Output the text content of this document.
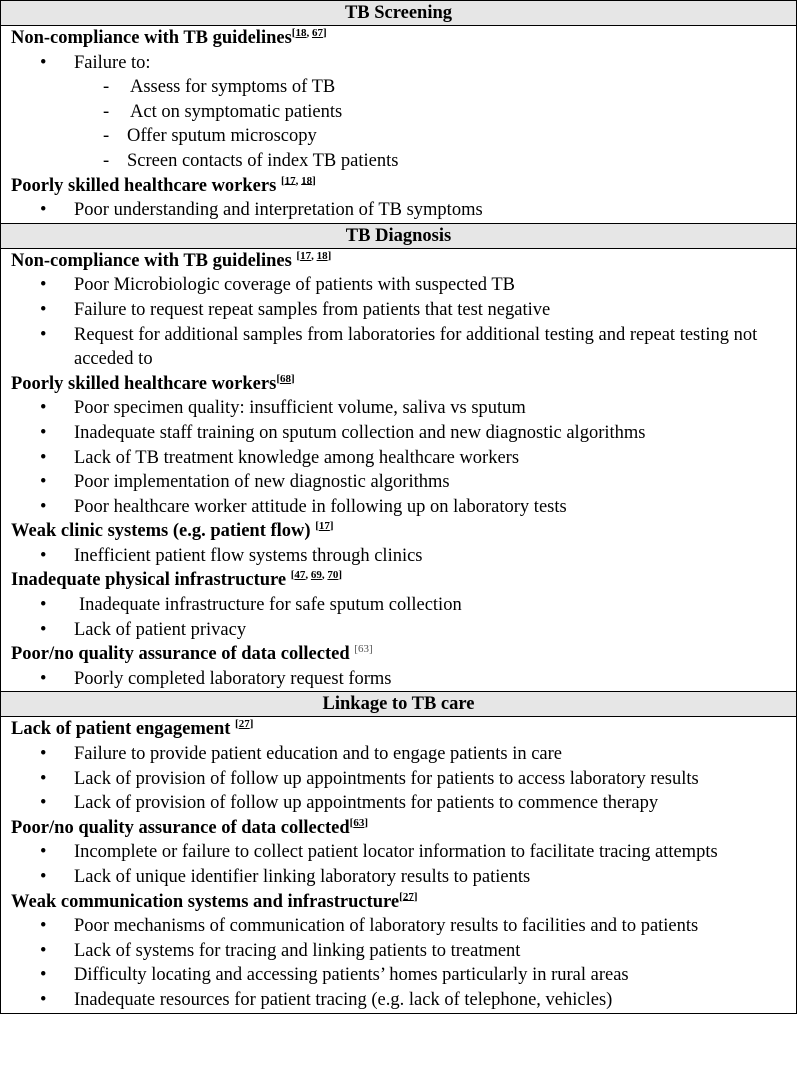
TB Screening

Non-compliance with TB guidelines[18, 67]
• Failure to:
- Assess for symptoms of TB
- Act on symptomatic patients
- Offer sputum microscopy
- Screen contacts of index TB patients
Poorly skilled healthcare workers [17, 18]
• Poor understanding and interpretation of TB symptoms

TB Diagnosis

Non-compliance with TB guidelines [17, 18]
• Poor Microbiologic coverage of patients with suspected TB
• Failure to request repeat samples from patients that test negative
• Request for additional samples from laboratories for additional testing and repeat testing not acceded to
Poorly skilled healthcare workers[68]
• Poor specimen quality: insufficient volume, saliva vs sputum
• Inadequate staff training on sputum collection and new diagnostic algorithms
• Lack of TB treatment knowledge among healthcare workers
• Poor implementation of new diagnostic algorithms
• Poor healthcare worker attitude in following up on laboratory tests
Weak clinic systems (e.g. patient flow) [17]
• Inefficient patient flow systems through clinics
Inadequate physical infrastructure [47, 69, 70]
• Inadequate infrastructure for safe sputum collection
• Lack of patient privacy
Poor/no quality assurance of data collected [63]
• Poorly completed laboratory request forms

Linkage to TB care

Lack of patient engagement [27]
• Failure to provide patient education and to engage patients in care
• Lack of provision of follow up appointments for patients to access laboratory results
• Lack of provision of follow up appointments for patients to commence therapy
Poor/no quality assurance of data collected[63]
• Incomplete or failure to collect patient locator information to facilitate tracing attempts
• Lack of unique identifier linking laboratory results to patients
Weak communication systems and infrastructure[27]
• Poor mechanisms of communication of laboratory results to facilities and to patients
• Lack of systems for tracing and linking patients to treatment
• Difficulty locating and accessing patients’ homes particularly in rural areas
• Inadequate resources for patient tracing (e.g. lack of telephone, vehicles)
